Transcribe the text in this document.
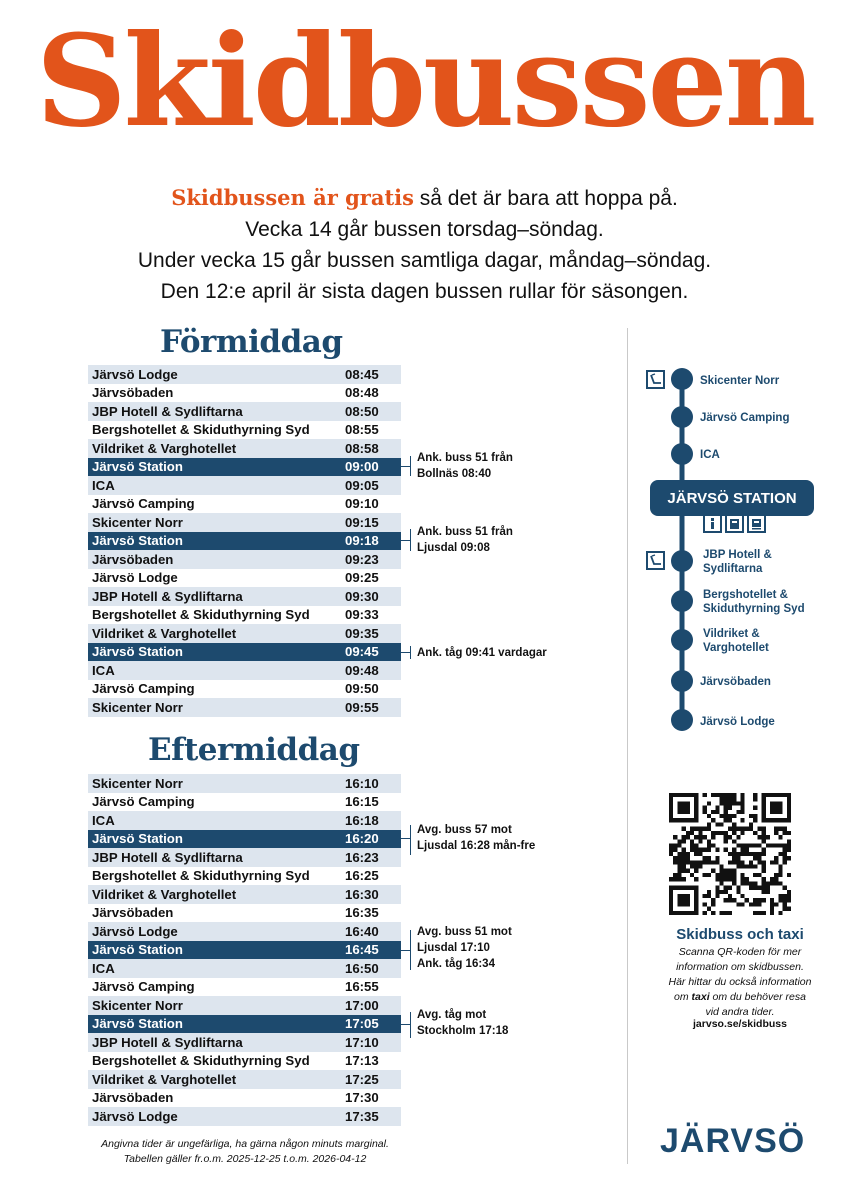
Skidbussen
Skidbussen är gratis så det är bara att hoppa på.
Vecka 14 går bussen torsdag–söndag.
Under vecka 15 går bussen samtliga dagar, måndag–söndag.
Den 12:e april är sista dagen bussen rullar för säsongen.
Förmiddag
Järvsö Lodge	08:45
Järvsöbaden	08:48
JBP Hotell & Sydliftarna	08:50
Bergshotellet & Skiduthyrning Syd	08:55
Vildriket & Varghotellet	08:58
Järvsö Station	09:00
ICA	09:05
Järvsö Camping	09:10
Skicenter Norr	09:15
Järvsö Station	09:18
Järvsöbaden	09:23
Järvsö Lodge	09:25
JBP Hotell & Sydliftarna	09:30
Bergshotellet & Skiduthyrning Syd	09:33
Vildriket & Varghotellet	09:35
Järvsö Station	09:45
ICA	09:48
Järvsö Camping	09:50
Skicenter Norr	09:55
Eftermiddag
Skicenter Norr	16:10
Järvsö Camping	16:15
ICA	16:18
Järvsö Station	16:20
JBP Hotell & Sydliftarna	16:23
Bergshotellet & Skiduthyrning Syd	16:25
Vildriket & Varghotellet	16:30
Järvsöbaden	16:35
Järvsö Lodge	16:40
Järvsö Station	16:45
ICA	16:50
Järvsö Camping	16:55
Skicenter Norr	17:00
Järvsö Station	17:05
JBP Hotell & Sydliftarna	17:10
Bergshotellet & Skiduthyrning Syd	17:13
Vildriket & Varghotellet	17:25
Järvsöbaden	17:30
Järvsö Lodge	17:35
Ank. buss 51 från
Bollnäs 08:40
Ank. buss 51 från
Ljusdal 09:08
Ank. tåg 09:41 vardagar
Avg. buss 57 mot
Ljusdal 16:28 mån-fre
Avg. buss 51 mot
Ljusdal 17:10
Ank. tåg 16:34
Avg. tåg mot
Stockholm 17:18
Angivna tider är ungefärliga, ha gärna någon minuts marginal.
Tabellen gäller fr.o.m. 2025-12-25 t.o.m. 2026-04-12
JÄRVSÖ STATION
Skicenter Norr
Järvsö Camping
ICA
JBP Hotell &
Sydliftarna
Bergshotellet &
Skiduthyrning Syd
Vildriket &
Varghotellet
Järvsöbaden
Järvsö Lodge
Skidbuss och taxi
Scanna QR-koden för mer
information om skidbussen.
Här hittar du också information
om taxi om du behöver resa
vid andra tider.
jarvso.se/skidbuss
JÄRVSÖ
